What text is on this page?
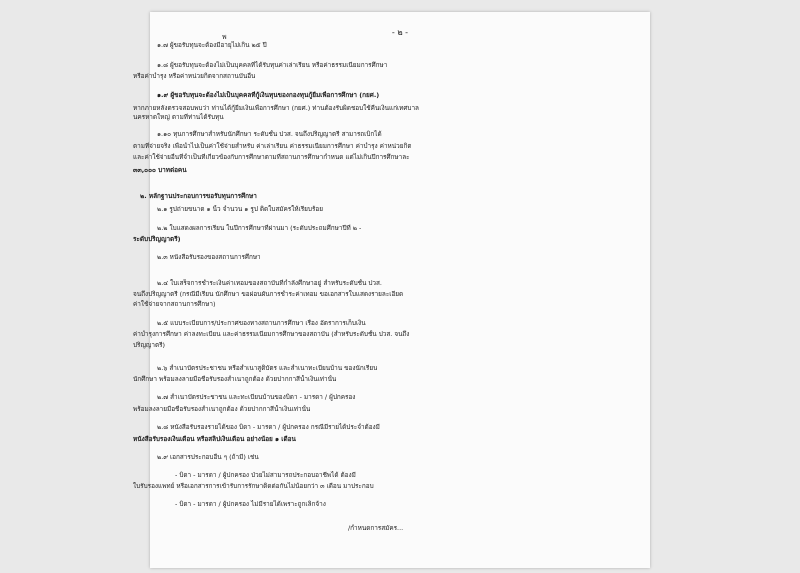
พ	- ๒ -
๑.๗ ผู้ขอรับทุนจะต้องมีอายุไม่เกิน ๒๕ ปี
๑.๘ ผู้ขอรับทุนจะต้องไม่เป็นบุคคลที่ได้รับทุนค่าเล่าเรียน หรือค่าธรรมเนียมการศึกษา
หรือค่าบำรุง หรือค่าหน่วยกิตจากสถานบันอื่น
๑.๙ ผู้ขอรับทุนจะต้องไม่เป็นบุคคลที่กู้เงินทุนของกองทุนกู้ยืมเพื่อการศึกษา (กยศ.)
หากภายหลังตรวจสอบพบว่า ท่านได้กู้ยืมเงินเพื่อการศึกษา (กยศ.) ท่านต้องรับผิดชอบใช้คืนเงินแก่เทศบาล
นครหาดใหญ่ ตามที่ท่านได้รับทุน
๑.๑๐ ทุนการศึกษาสำหรับนักศึกษา ระดับชั้น ปวส. จนถึงปริญญาตรี สามารถเบิกได้
ตามที่จ่ายจริง เพื่อนำไปเป็นค่าใช้จ่ายสำหรับ ค่าเล่าเรียน ค่าธรรมเนียมการศึกษา ค่าบำรุง ค่าหน่วยกิต
และค่าใช้จ่ายอื่นที่จำเป็นที่เกี่ยวข้องกับการศึกษาตามที่สถานการศึกษากำหนด แต่ไม่เกินปีการศึกษาละ
๓๓,๐๐๐ บาทต่อคน
๒. หลักฐานประกอบการขอรับทุนการศึกษา
๒.๑ รูปถ่ายขนาด ๑ นิ้ว จำนวน ๑ รูป ติดใบสมัครให้เรียบร้อย
๒.๒ ใบแสดงผลการเรียน ในปีการศึกษาที่ผ่านมา (ระดับประถมศึกษาปีที่ ๒ -
ระดับปริญญาตรี)
๒.๓ หนังสือรับรองของสถานการศึกษา
๒.๔ ใบเสร็จการชำระเงินค่าเทอมของสถาบันที่กำลังศึกษาอยู่ สำหรับระดับชั้น ปวส.
จนถึงปริญญาตรี (กรณีมีเรียน นักศึกษา ขอผ่อนผันการชำระค่าเทอม ขอเอกสารใบแสดงรายละเอียด
ค่าใช้จ่ายจากสถานการศึกษา)
๒.๕ แบบระเบียบการ/ประกาศของทางสถานการศึกษา เรื่อง อัตราการเก็บเงิน
ค่าบำรุงการศึกษา ค่าลงทะเบียน และค่าธรรมเนียมการศึกษาของสถาบัน (สำหรับระดับชั้น ปวส. จนถึง
ปริญญาตรี)
๒.๖ สำเนาบัตรประชาชน หรือสำเนาสูติบัตร และสำเนาทะเบียนบ้าน ของนักเรียน
นักศึกษา พร้อมลงลายมือชื่อรับรองสำเนาถูกต้อง ด้วยปากกาสีน้ำเงินเท่านั้น
๒.๗ สำเนาบัตรประชาชน และทะเบียนบ้านของบิดา - มารดา / ผู้ปกครอง
พร้อมลงลายมือชื่อรับรองสำเนาถูกต้อง ด้วยปากกาสีน้ำเงินเท่านั้น
๒.๘ หนังสือรับรองรายได้ของ บิดา - มารดา / ผู้ปกครอง กรณีมีรายได้ประจำต้องมี
หนังสือรับรองเงินเดือน หรือสลิปเงินเดือน อย่างน้อย ๑ เดือน
๒.๙ เอกสารประกอบอื่น ๆ (ถ้ามี) เช่น
- บิดา - มารดา / ผู้ปกครอง ป่วยไม่สามารถประกอบอาชีพได้ ต้องมี
ใบรับรองแพทย์ หรือเอกสารการเข้ารับการรักษาติดต่อกันไม่น้อยกว่า ๓ เดือน มาประกอบ
- บิดา - มารดา / ผู้ปกครอง ไม่มีรายได้เพราะถูกเลิกจ้าง
/กำหนดการสมัคร...
